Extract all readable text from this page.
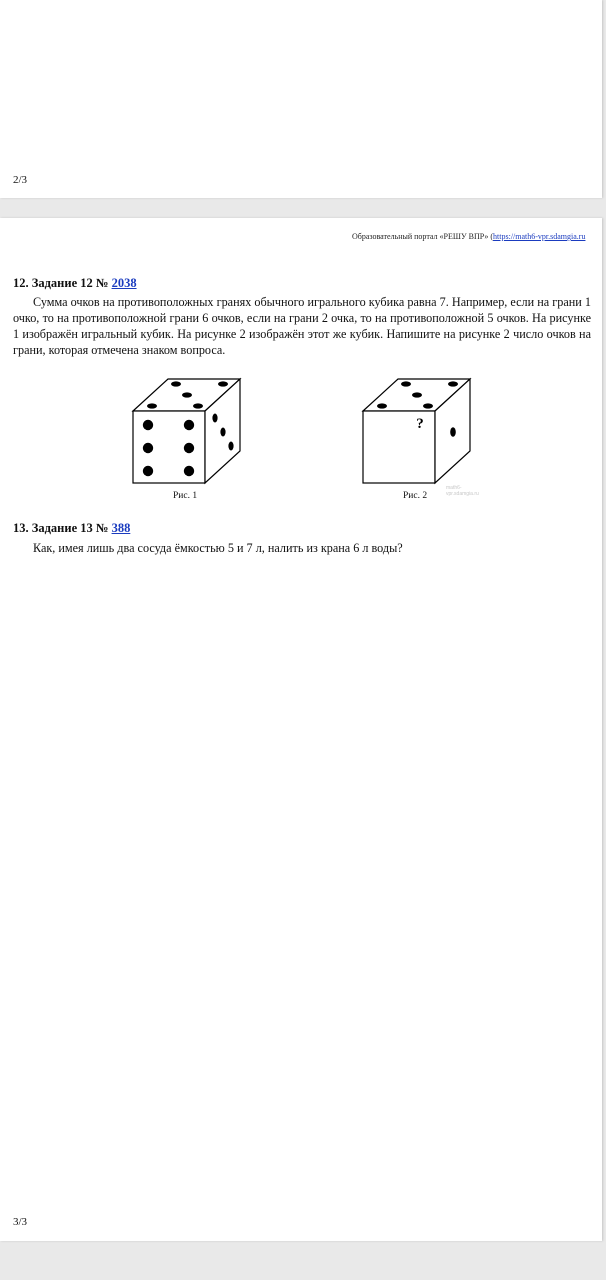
2/3
Образовательный портал «РЕШУ ВПР» (https://math6-vpr.sdamgia.ru
12. Задание 12 № 2038

Сумма очков на противоположных гранях обычного игрального кубика равна 7. Например, если на грани 1 очко, то на противоположной грани 6 очков, если на грани 2 очка, то на противоположной 5 очков. На рисунке 1 изображён игральный кубик. На рисунке 2 изображён этот же кубик. Напишите на рисунке 2 число очков на грани, которая отмечена знаком вопроса.

Рис. 1
?
math6-vpr.sdamgia.ru
Рис. 2
13. Задание 13 № 388

Как, имея лишь два сосуда ёмкостью 5 и 7 л, налить из крана 6 л воды?

3/3
